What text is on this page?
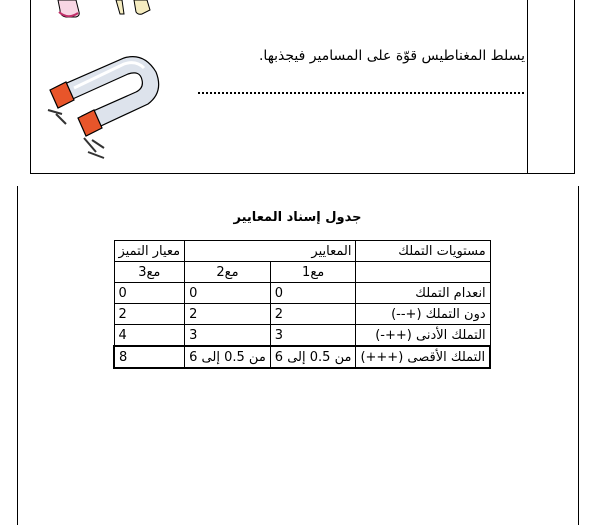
يسلط المغناطيس قوّة على المسامير فيجذبها.
جدول إسناد المعايير
مستويات التملك	المعايير		معيار التميز
	مع1	مع2	مع3
انعدام التملك	0	0	0
دون التملك (+--)	2	2	2
التملك الأدنى (++-)	3	3	4
التملك الأقصى (+++)	من 0.5 إلى 6	من 0.5 إلى 6	8
